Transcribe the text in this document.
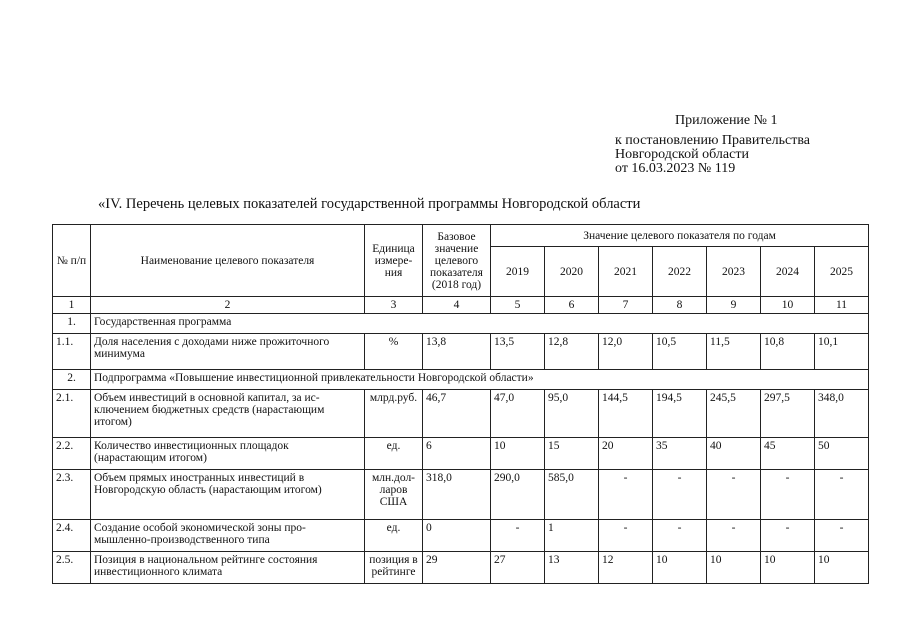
Приложение № 1
к постановлению Правительства
Новгородской области
от 16.03.2023 № 119
«IV. Перечень целевых показателей государственной программы Новгородской области
№ п/п	Наименование целевого показателя	Единица измере-ния	Базовое значение целевого показателя (2018 год)	Значение целевого показателя по годам						
				2019	2020	2021	2022	2023	2024	2025
1	2	3	4	5	6	7	8	9	10	11
1.	Государственная программа									
1.1.	Доля населения с доходами ниже прожиточного минимума	%	13,8	13,5	12,8	12,0	10,5	11,5	10,8	10,1
2.	Подпрограмма «Повышение инвестиционной привлекательности Новгородской области»									
2.1.	Объем инвестиций в основной капитал, за ис-ключением бюджетных средств (нарастающим итогом)	млрд.руб.	46,7	47,0	95,0	144,5	194,5	245,5	297,5	348,0
2.2.	Количество инвестиционных площадок (нарастающим итогом)	ед.	6	10	15	20	35	40	45	50
2.3.	Объем прямых иностранных инвестиций в Новгородскую область (нарастающим итогом)	млн.дол-ларов США	318,0	290,0	585,0	-	-	-	-	-
2.4.	Создание особой экономической зоны про-мышленно-производственного типа	ед.	0	-	1	-	-	-	-	-
2.5.	Позиция в национальном рейтинге состояния инвестиционного климата	позиция в рейтинге	29	27	13	12	10	10	10	10
